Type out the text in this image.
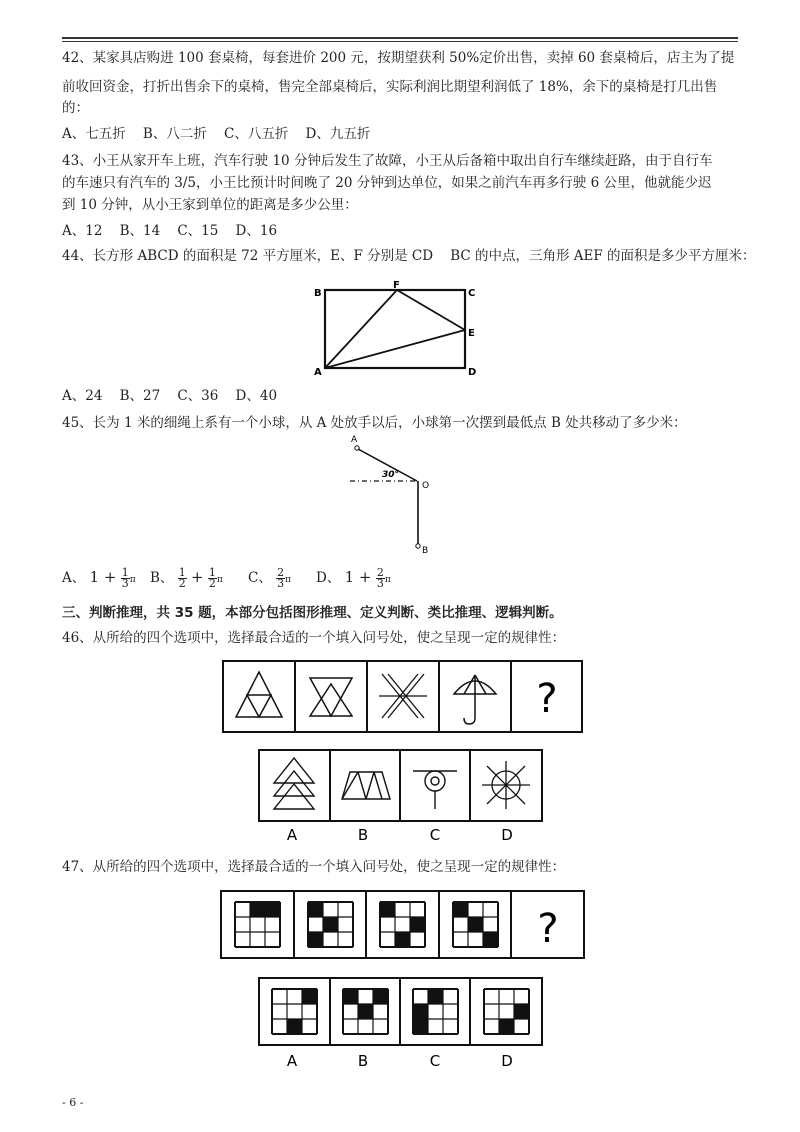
42、某家具店购进 100 套桌椅，每套进价 200 元，按期望获利 50%定价出售，卖掉 60 套桌椅后，店主为了提
前收回资金，打折出售余下的桌椅，售完全部桌椅后，实际利润比期望利润低了 18%，余下的桌椅是打几出售
的：
A、七五折    B、八二折    C、八五折    D、九五折
43、小王从家开车上班，汽车行驶 10 分钟后发生了故障，小王从后备箱中取出自行车继续赶路，由于自行车
的车速只有汽车的 3/5，小王比预计时间晚了 20 分钟到达单位，如果之前汽车再多行驶 6 公里，他就能少迟
到 10 分钟，从小王家到单位的距离是多少公里：
A、12    B、14    C、15    D、16
44、长方形 ABCD 的面积是 72 平方厘米，E、F 分别是 CD    BC 的中点，三角形 AEF 的面积是多少平方厘米：
B
F
C
E
A	D
A、24    B、27    C、36    D、40
45、长为 1 米的细绳上系有一个小球，从 A 处放手以后，小球第一次摆到最低点 B 处共移动了多少米：
A
30°
O
B
A、 $1 + \frac{1}{3}$ π B、 $\frac{1}{2} + \frac{1}{2}$ π C、 $\frac{2}{3}$ π D、 $1 + \frac{2}{3}$ π
三、判断推理，共 35 题，本部分包括图形推理、定义判断、类比推理、逻辑判断。
46、从所给的四个选项中，选择最合适的一个填入问号处，使之呈现一定的规律性：
?
A	B	C	D
47、从所给的四个选项中，选择最合适的一个填入问号处，使之呈现一定的规律性：
?
A	B	C	D
- 6 -
